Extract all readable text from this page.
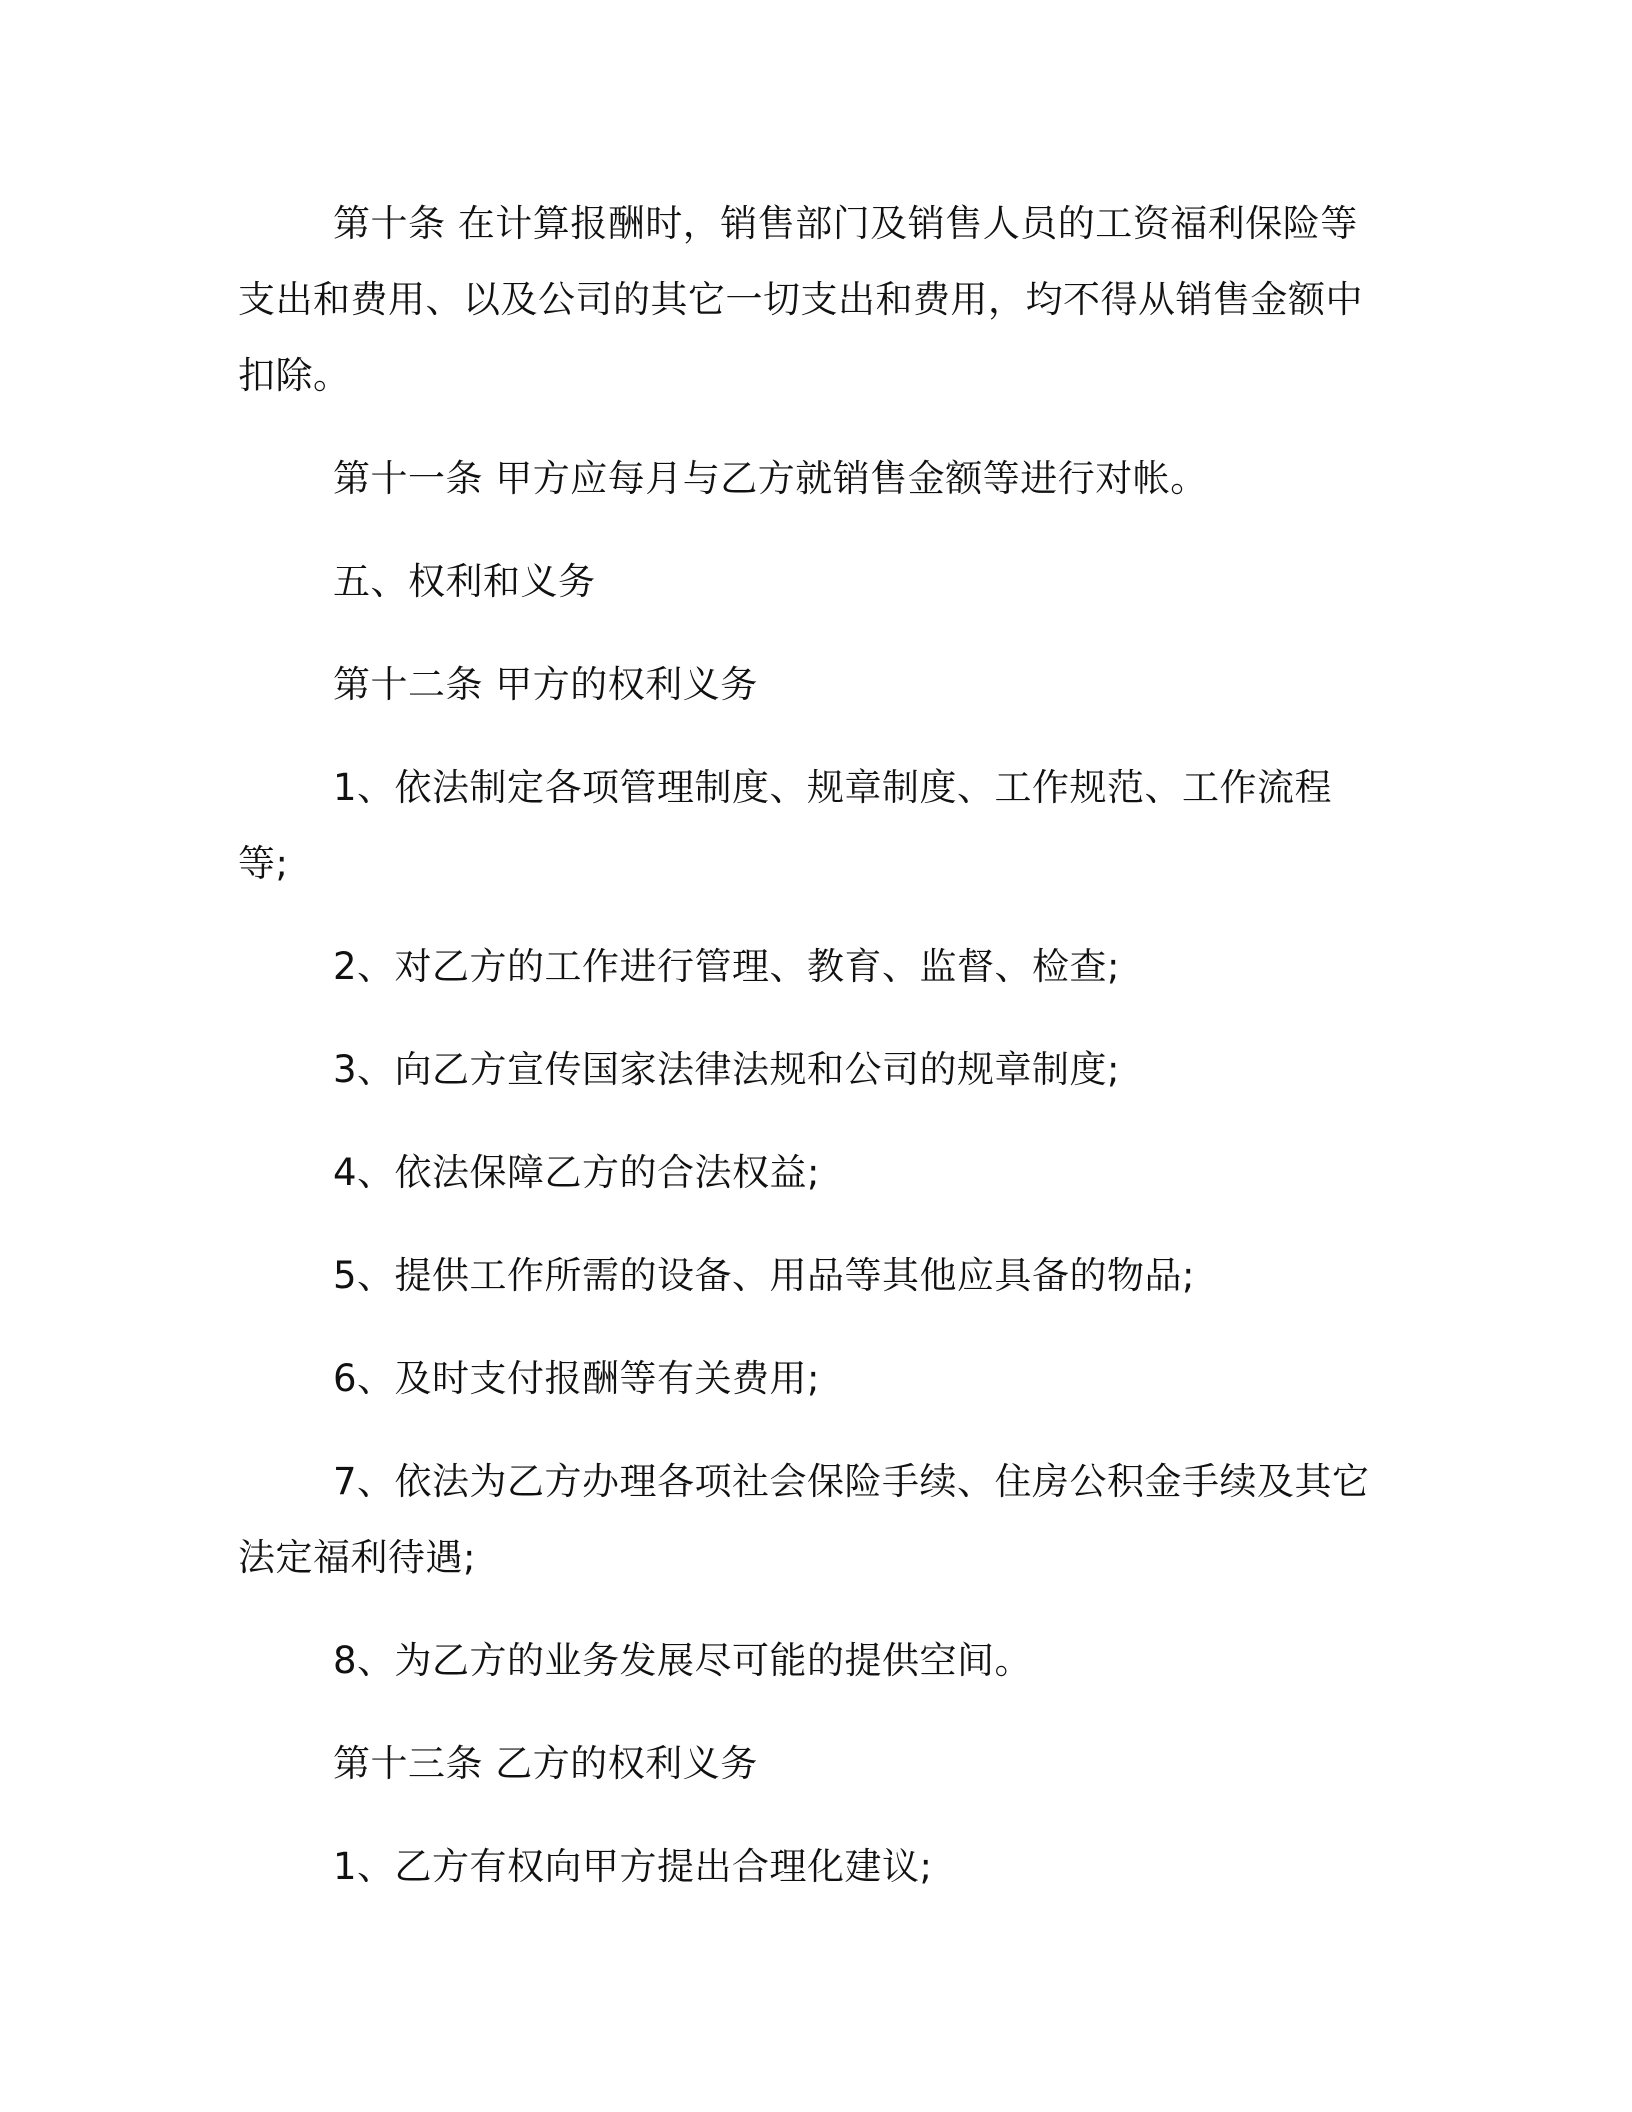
第十条 在计算报酬时，销售部门及销售人员的工资福利保险等支出和费用、以及公司的其它一切支出和费用，均不得从销售金额中扣除。

第十一条 甲方应每月与乙方就销售金额等进行对帐。

五、权利和义务

第十二条 甲方的权利义务

1、依法制定各项管理制度、规章制度、工作规范、工作流程等;

2、对乙方的工作进行管理、教育、监督、检查;

3、向乙方宣传国家法律法规和公司的规章制度;

4、依法保障乙方的合法权益;

5、提供工作所需的设备、用品等其他应具备的物品;

6、及时支付报酬等有关费用;

7、依法为乙方办理各项社会保险手续、住房公积金手续及其它法定福利待遇;

8、为乙方的业务发展尽可能的提供空间。

第十三条 乙方的权利义务

1、乙方有权向甲方提出合理化建议;
